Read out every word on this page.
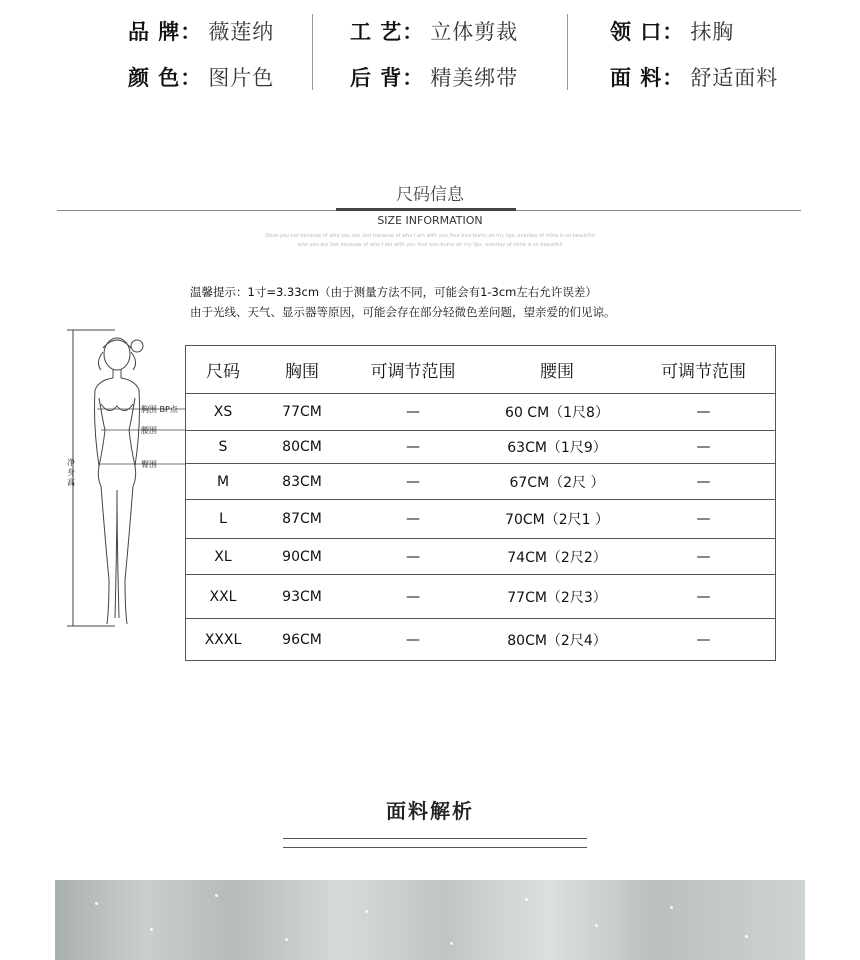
品 牌： 薇莲纳
颜 色： 图片色
工 艺： 立体剪裁
后 背： 精美绑带
领 口： 抹胸
面 料： 舒适面料
尺码信息
SIZE INFORMATION
Dove you not because of who you are ,but because of who I am with you.Your kiss burns on my lips, everday of mine is so beautiful
who you are 2wt because of who I am with you Your kiss burns on my lips, everday of mine is so beautiful
温馨提示：1寸=3.33cm（由于测量方法不同，可能会有1-3cm左右允许误差）
由于光线、天气、显示器等原因，可能会存在部分轻微色差问题，望亲爱的们见谅。
胸围 BP点
腰围
臀围
净身高
尺码	胸围	可调节范围	腰围	可调节范围
XS	77CM	—	60 CM（1尺8）	—
S	80CM	—	63CM（1尺9）	—
M	83CM	—	67CM（2尺 ）	—
L	87CM	—	70CM（2尺1 ）	—
XL	90CM	—	74CM（2尺2）	—
XXL	93CM	—	77CM（2尺3）	—
XXXL	96CM	—	80CM（2尺4）	—
面料解析
